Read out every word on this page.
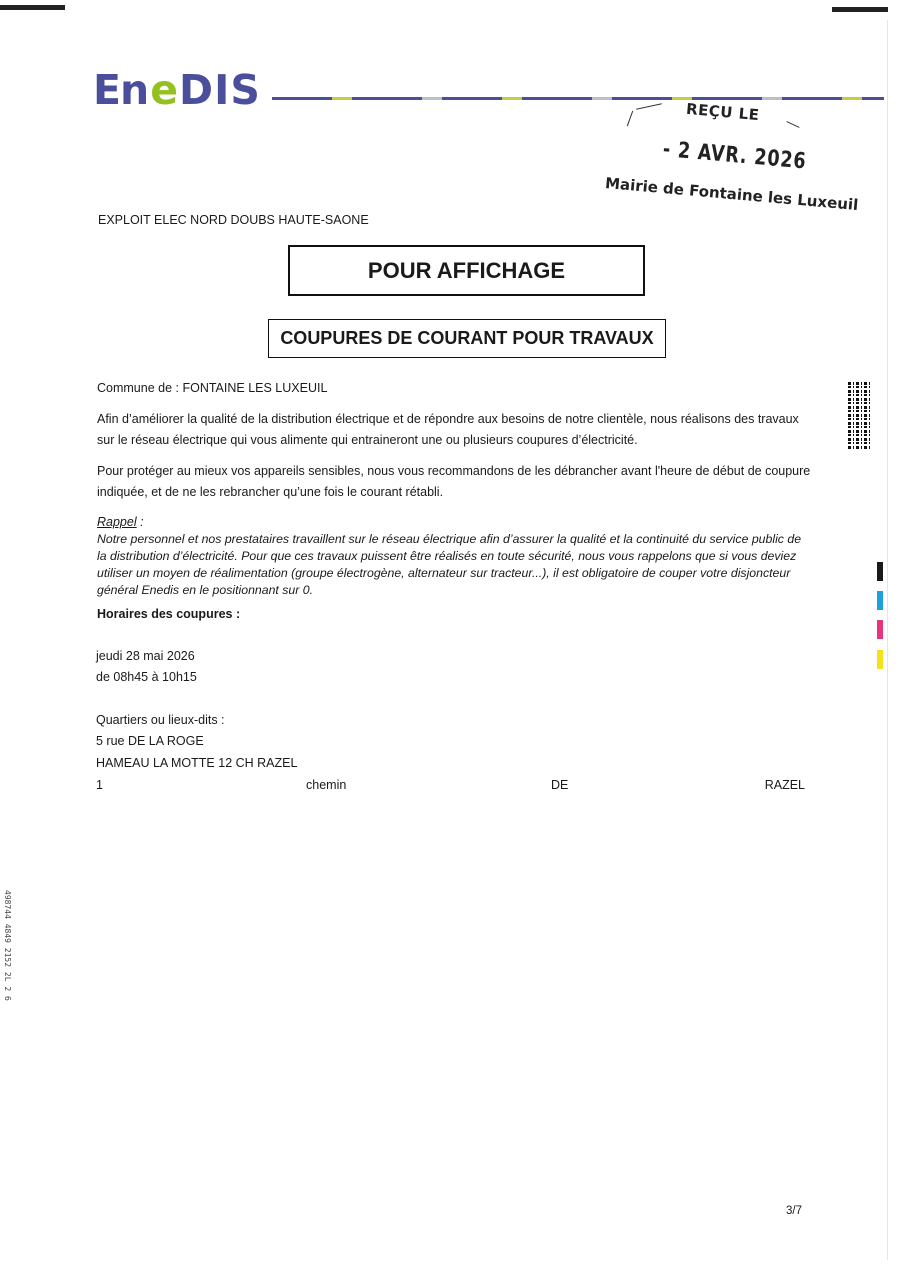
EneDIS	REÇU LE
- 2 AVR. 2026
Mairie de Fontaine les Luxeuil
EXPLOIT ELEC NORD DOUBS HAUTE-SAONE
POUR AFFICHAGE
COUPURES DE COURANT POUR TRAVAUX
Commune de : FONTAINE LES LUXEUIL
Afin d’améliorer la qualité de la distribution électrique et de répondre aux besoins de notre clientèle, nous réalisons des travaux sur le réseau électrique qui vous alimente qui entraineront une ou plusieurs coupures d’électricité.
Pour protéger au mieux vos appareils sensibles, nous vous recommandons de les débrancher avant l'heure de début de coupure indiquée, et de ne les rebrancher qu’une fois le courant rétabli.
Rappel :
Notre personnel et nos prestataires travaillent sur le réseau électrique afin d’assurer la qualité et la continuité du service public de la distribution d’électricité. Pour que ces travaux puissent être réalisés en toute sécurité, nous vous rappelons que si vous deviez utiliser un moyen de réalimentation (groupe électrogène, alternateur sur tracteur...), il est obligatoire de couper votre disjoncteur général Enedis en le positionnant sur 0.
Horaires des coupures :
jeudi 28 mai 2026
de 08h45 à 10h15
Quartiers ou lieux-dits :
5 rue DE LA ROGE
HAMEAU LA MOTTE 12 CH RAZEL
1	chemin	DE	RAZEL
498744 4849 2152 2L 2 6
3/7
